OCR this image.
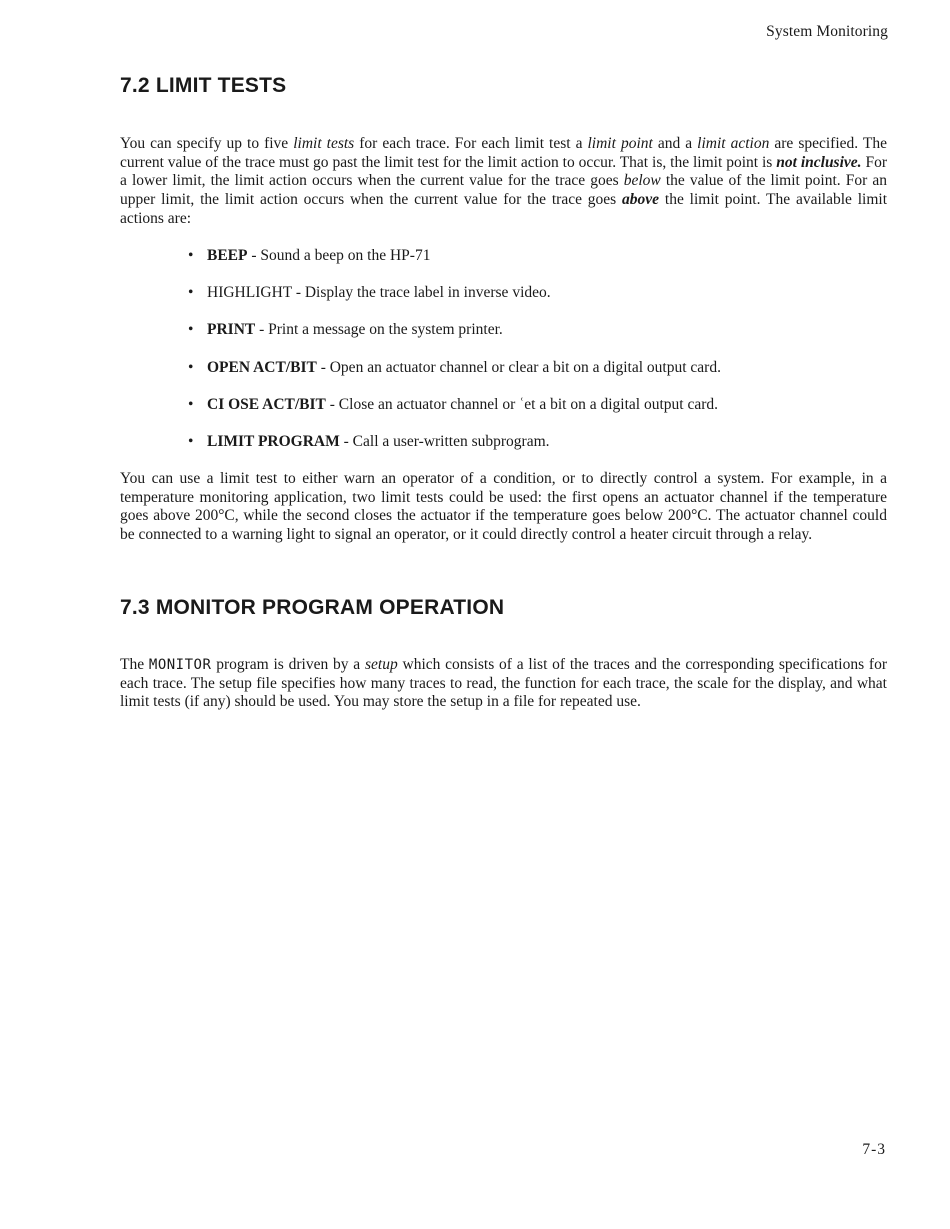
System Monitoring
7.2 LIMIT TESTS

You can specify up to five limit tests for each trace. For each limit test a limit point and a limit action are specified. The current value of the trace must go past the limit test for the limit action to occur. That is, the limit point is not inclusive. For a lower limit, the limit action occurs when the current value for the trace goes below the value of the limit point. For an upper limit, the limit action occurs when the current value for the trace goes above the limit point. The available limit actions are:

• BEEP - Sound a beep on the HP-71
• HIGHLIGHT - Display the trace label in inverse video.
• PRINT - Print a message on the system printer.
• OPEN ACT/BIT - Open an actuator channel or clear a bit on a digital output card.
• CI OSE ACT/BIT - Close an actuator channel or ʿet a bit on a digital output card.
• LIMIT PROGRAM - Call a user-written subprogram.

You can use a limit test to either warn an operator of a condition, or to directly control a system. For example, in a temperature monitoring application, two limit tests could be used: the first opens an actuator channel if the temperature goes above 200°C, while the second closes the actuator if the temperature goes below 200°C. The actuator channel could be connected to a warning light to signal an operator, or it could directly control a heater circuit through a relay.

7.3 MONITOR PROGRAM OPERATION

The MONITOR program is driven by a setup which consists of a list of the traces and the corresponding specifications for each trace. The setup file specifies how many traces to read, the function for each trace, the scale for the display, and what limit tests (if any) should be used. You may store the setup in a file for repeated use.

7-3
